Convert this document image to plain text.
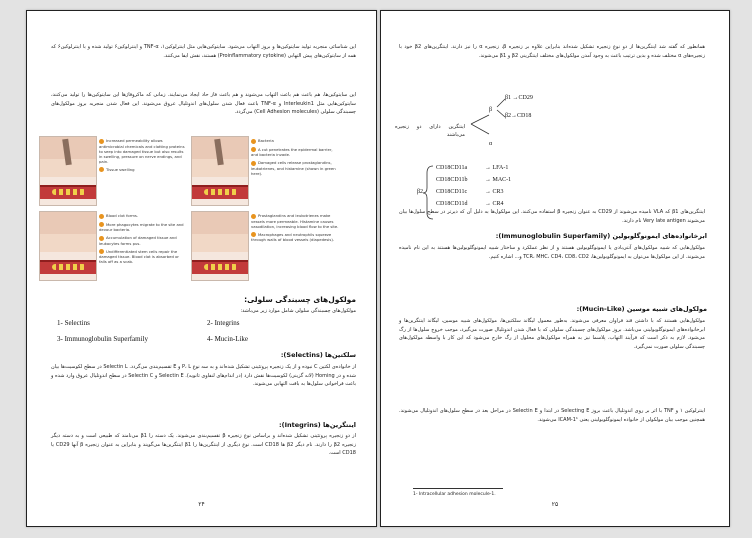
این شناسائی منجربه تولید سایتوکین‌ها و بروز التهاب می‌شود. سایتوکین‌هایی مثل اینترلوکین۱، TNF-α و اینترلوکین۶ تولید شده و با اینترلوکین۶ که همه از سایتوکین‌های پیش التهابی (Proinflammatory cytokine) هستند، نقش ایفا می‌کنند.
این سایتوکین‌ها، هم باعث هم باعث التهاب می‌شوند و هم باعث فاز حاد ایجاد می‌نمایند. زمانی که ماکروفاژها این سایتوکین‌ها را تولید می‌کنند، سایتوکین‌هایی مثل Interleukin1 و TNF-α باعث فعال شدن سلول‌های اندوتلیال عروق می‌شوند. این فعال شدن منجربه بروز مولکول‌های چسبندگی سلولی (Cell Adhesion molecules) می‌گردد.
Bacteria
A cut penetrates the epidermal barrier, and bacteria invade.
Damaged cells release prostaglandins, leukotrienes, and histamine (shown in green here).
Increased permeability allows antimicrobial chemicals and clotting proteins to seep into damaged tissue but also results in swelling, pressure on nerve endings, and pain.
Tissue swelling
Prostaglandins and leukotrienes make vessels more permeable. Histamine causes vasodilation, increasing blood flow to the site.
Macrophages and neutrophils squeeze through walls of blood vessels (diapedesis).
Blood clot forms.
More phagocytes migrate to the site and devour bacteria.
Accumulation of damaged tissue and leukocytes forms pus.
Undifferentiated stem cells repair the damaged tissue. Blood clot is absorbed or falls off as a scab.
مولکول‌های چسبندگی سلولی:
مولکول‌های چسبندگی سلولی شامل موارد زیر می‌باشد:
1- Selectins	2- Integrins
3- Immunoglobulin Superfamily	4- Mucin-Like
سلکتین‌ها (Selectins):
از خانواده‌ی لکتین C نبوده و از یک زنجیره پروتئینی تشکیل شده‌اند و به سه نوع P، L و E تقسیم‌بندی می‌گردد. Selectin L در سطح لکوسیت‌ها بیان شده و در Homing (لانه گزینی) لکوسیت‌ها نقش دارد (در اندام‌های لنفاوی ثانویه). Selectin E و Selectin C در سطح اندوتلیال عروق وارد شده و باعث فراخوانی سلول‌ها به بافت التهابی می‌شوند.
اینتگرین‌ها (Integrins):
از دو زنجیره پروتئینی تشکیل شده‌اند و براساس نوع زنجیره β تقسیم‌بندی می‌شوند. یک دسته را β1 می‌نامند که طبیعی است و به دسته دیگر زنجیره β2 را دارند. نام دیگر β2 ها CD18 است. نوع دیگری از اینتگرین‌ها را β1 اینتگرین‌ها می‌گویند و بنابراین به عنوان زنجیره β آنها CD29 یا CD18 است.
۲۴
همانطور که گفته شد اینتگرین‌ها از دو نوع زنجیره تشکیل شده‌اند بنابراین علاوه بر زنجیره β، زنجیره α را نیز دارند. اینتگرین‌های β2 خود با زنجیره‌های α مختلف شده و بدین ترتیب باعث به وجود آمدن مولکول‌های مختلف اینتگرینی β2 و β1 می‌شوند.
اینتگرین دارای دو زنجیره می‌باشند
β
α
β1 →CD29
β2→CD18
β2
CD18CD11a	→ LFA-1
CD18CD11b	→ MAC-1
CD18CD11c	→ CR3
CD18CD11d	→ CR4
اینتگرین‌های β1 که VLA نامیده می‌شوند از CD29 به عنوان زنجیره β استفاده می‌کنند. این مولکول‌ها به دلیل آن که دیرتر در سطح سلول‌ها بیان می‌شوند Very late antigen نام دارند.
ابرخانواده‌های ایمونوگلوبولین (Immunoglobulin Superfamily):
مولکول‌هایی که شبیه مولکول‌های آنتی‌بادی یا ایمونوگلوبولین هستند و از نظر عملکرد و ساختار شبیه ایمونوگلوبولین‌ها هستند به این نام نامیده می‌شوند. از این مولکول‌ها می‌توان به ایمونوگلوبولین‌ها، TCR، MHC، CD4، CD8، CD2 و... اشاره کنیم.
مولکول‌های شبیه موسین (Mucin-Like):
مولکول‌هایی هستند که با داشتن قند فراوان معرفی می‌شوند. به‌طور معمول لیگاند سلکتین‌ها، مولکول‌های شبیه موسین، لیگاند اینتگرین‌ها و ابرخانواده‌های ایمونوگلوبولینی می‌باشد. بروز مولکول‌های چسبندگی سلولی که با فعال شدن اندوتلیال صورت می‌گیرد، موجب خروج سلول‌ها از رگ می‌شود. لازم به ذکر است که فرآیند التهاب، پلاسما نیز به همراه مولکول‌های محلول از رگ خارج می‌شود که این کار با واسطه مولکول‌های چسبندگی سلولی صورت نمی‌گیرد.
اینترلوکین ۱ و TNF با اثر بر روی اندوتلیال باعث بروز Selecting E در ابتدا و Selectin E در مراحل بعد در سطح سلول‌های اندوتلیال می‌شوند. همچنین موجب بیان مولکولی از خانواده ایمونوگلوبولینی یعنی ICAM-1¹ می‌شوند.
1- Intracellular adhesion molecule-1.
۲۵
